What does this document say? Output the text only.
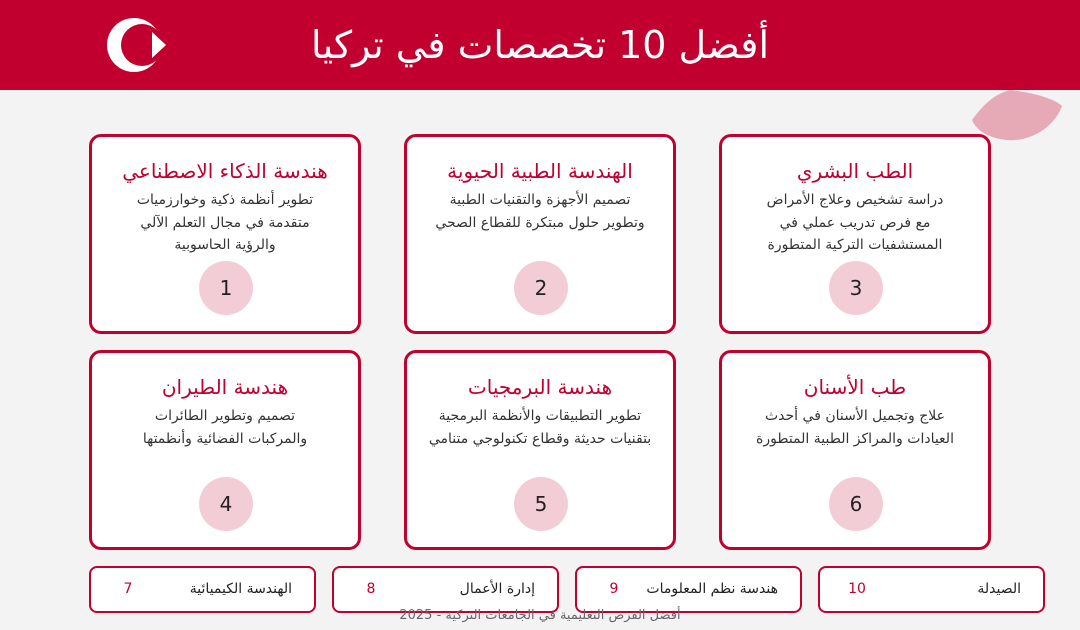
أفضل 10 تخصصات في تركيا
الطب البشري
دراسة تشخيص وعلاج الأمراض
مع فرص تدريب عملي في
المستشفيات التركية المتطورة
3
الهندسة الطبية الحيوية
تصميم الأجهزة والتقنيات الطبية
وتطوير حلول مبتكرة للقطاع الصحي
2
هندسة الذكاء الاصطناعي
تطوير أنظمة ذكية وخوارزميات
متقدمة في مجال التعلم الآلي
والرؤية الحاسوبية
1
طب الأسنان
علاج وتجميل الأسنان في أحدث
العيادات والمراكز الطبية المتطورة
6
هندسة البرمجيات
تطوير التطبيقات والأنظمة البرمجية
بتقنيات حديثة وقطاع تكنولوجي متنامي
5
هندسة الطيران
تصميم وتطوير الطائرات
والمركبات الفضائية وأنظمتها
4
الصيدلة
10
هندسة نظم المعلومات
9
إدارة الأعمال
8
الهندسة الكيميائية
7
أفضل الفرص التعليمية في الجامعات التركية - 2025
